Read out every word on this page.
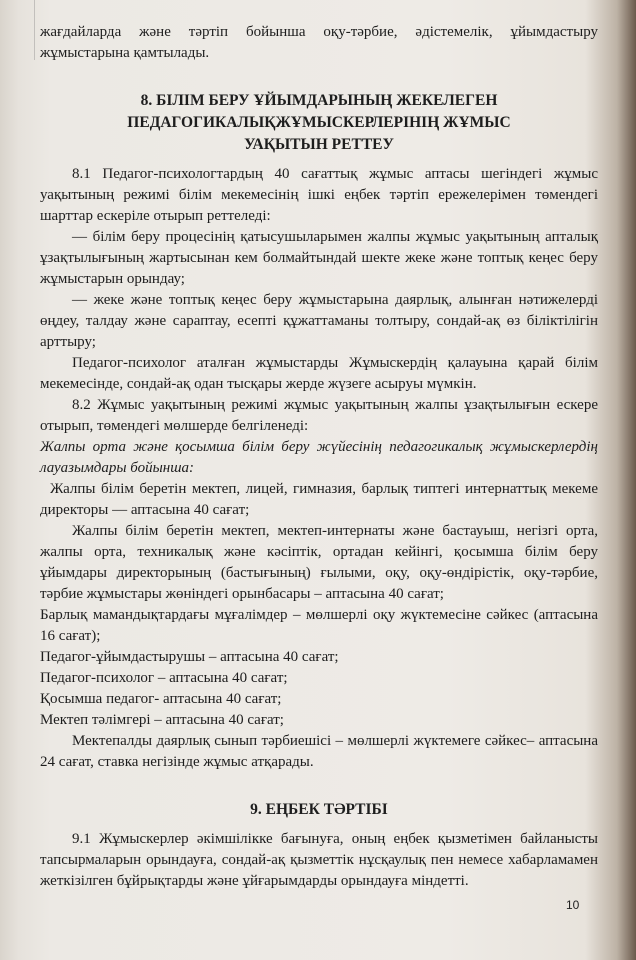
жағдайларда және тәртіп бойынша оқу-тәрбие, әдістемелік, ұйымдастыру жұмыстарына қамтылады.

8. БІЛІМ БЕРУ ҰЙЫМДАРЫНЫҢ ЖЕКЕЛЕГЕН

ПЕДАГОГИКАЛЫҚЖҰМЫСКЕРЛЕРІНІҢ ЖҰМЫС

УАҚЫТЫН РЕТТЕУ

8.1 Педагог-психологтардың 40 сағаттық жұмыс аптасы шегіндегі жұмыс уақытының режимі білім мекемесінің ішкі еңбек тәртіп ережелерімен төмендегі шарттар ескеріле отырып реттеледі:

— білім беру процесінің қатысушыларымен жалпы жұмыс уақытының апталық ұзақтылығының жартысынан кем болмайтындай шекте жеке және топтық кеңес беру жұмыстарын орындау;

— жеке және топтық кеңес беру жұмыстарына даярлық, алынған нәтижелерді өңдеу, талдау және сараптау, есепті құжаттаманы толтыру, сондай-ақ өз біліктілігін арттыру;

Педагог-психолог аталған жұмыстарды Жұмыскердің қалауына қарай білім мекемесінде, сондай-ақ одан тысқары жерде жүзеге асыруы мүмкін.

8.2 Жұмыс уақытының режимі жұмыс уақытының жалпы ұзақтылығын ескере отырып, төмендегі мөлшерде белгіленеді:

Жалпы орта және қосымша білім беру жүйесінің педагогикалық жұмыскерлердің лауазымдары бойынша:

Жалпы білім беретін мектеп, лицей, гимназия, барлық типтегі интернаттық мекеме директоры — аптасына 40 сағат;

Жалпы білім беретін мектеп, мектеп-интернаты және бастауыш, негізгі орта, жалпы орта, техникалық және кәсіптік, ортадан кейінгі, қосымша білім беру ұйымдары директорының (бастығының) ғылыми, оқу, оқу-өндірістік, оқу-тәрбие, тәрбие жұмыстары жөніндегі орынбасары – аптасына 40 сағат;

Барлық мамандықтардағы мұғалімдер – мөлшерлі оқу жүктемесіне сәйкес (аптасына 16 сағат);

Педагог-ұйымдастырушы – аптасына 40 сағат;

Педагог-психолог – аптасына 40 сағат;

Қосымша педагог- аптасына 40 сағат;

Мектеп тәлімгері – аптасына 40 сағат;

Мектепалды даярлық сынып тәрбиешісі – мөлшерлі жүктемеге сәйкес– аптасына 24 сағат, ставка негізінде жұмыс атқарады.

9. ЕҢБЕК ТӘРТІБІ

9.1 Жұмыскерлер әкімшілікке бағынуға, оның еңбек қызметімен байланысты тапсырмаларын орындауға, сондай-ақ қызметтік нұсқаулық пен немесе хабарламамен жеткізілген бұйрықтарды және ұйғарымдарды орындауға міндетті.

10
